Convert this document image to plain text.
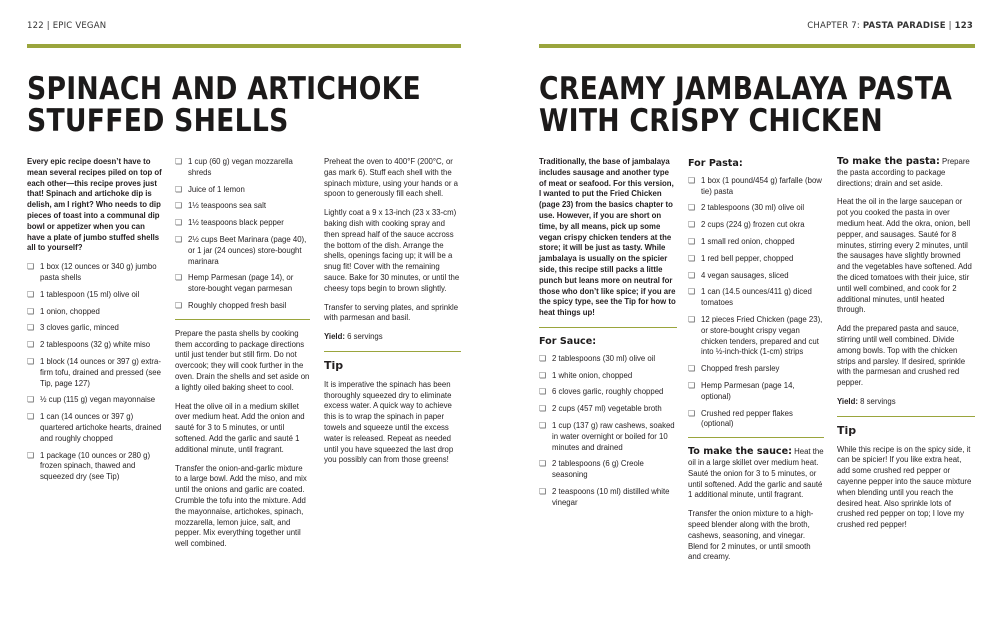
122 | EPIC VEGAN	CHAPTER 7: PASTA PARADISE | 123
SPINACH AND ARTICHOKE
STUFFED SHELLS
CREAMY JAMBALAYA PASTA
WITH CRISPY CHICKEN

Every epic recipe doesn’t have to mean several recipes piled on top of each other—this recipe proves just that! Spinach and artichoke dip is delish, am I right? Who needs to dip pieces of toast into a communal dip bowl or appetizer when you can have a plate of jumbo stuffed shells all to yourself?

❏ 1 box (12 ounces or 340 g) jumbo pasta shells
❏ 1 tablespoon (15 ml) olive oil
❏ 1 onion, chopped
❏ 3 cloves garlic, minced
❏ 2 tablespoons (32 g) white miso
❏ 1 block (14 ounces or 397 g) extra-firm tofu, drained and pressed (see Tip, page 127)
❏ ½ cup (115 g) vegan mayonnaise
❏ 1 can (14 ounces or 397 g) quartered artichoke hearts, drained and roughly chopped
❏ 1 package (10 ounces or 280 g) frozen spinach, thawed and squeezed dry (see Tip)
❏ 1 cup (60 g) vegan mozzarella shreds
❏ Juice of 1 lemon
❏ 1½ teaspoons sea salt
❏ 1½ teaspoons black pepper
❏ 2½ cups Beet Marinara (page 40), or 1 jar (24 ounces) store-bought marinara
❏ Hemp Parmesan (page 14), or store-bought vegan parmesan
❏ Roughly chopped fresh basil

Prepare the pasta shells by cooking them according to package directions until just tender but still firm. Do not overcook; they will cook further in the oven. Drain the shells and set aside on a lightly oiled baking sheet to cool.

Heat the olive oil in a medium skillet over medium heat. Add the onion and sauté for 3 to 5 minutes, or until softened. Add the garlic and sauté 1 additional minute, until fragrant.

Transfer the onion-and-garlic mixture to a large bowl. Add the miso, and mix until the onions and garlic are coated. Crumble the tofu into the mixture. Add the mayonnaise, artichokes, spinach, mozzarella, lemon juice, salt, and pepper. Mix everything together until well combined.

Preheat the oven to 400°F (200°C, or gas mark 6). Stuff each shell with the spinach mixture, using your hands or a spoon to generously fill each shell.

Lightly coat a 9 x 13-inch (23 x 33-cm) baking dish with cooking spray and then spread half of the sauce accross the bottom of the dish. Arrange the shells, openings facing up; it will be a snug fit! Cover with the remaining sauce. Bake for 30 minutes, or until the cheesy tops begin to brown slightly.

Transfer to serving plates, and sprinkle with parmesan and basil.

Yield: 6 servings

Tip

It is imperative the spinach has been thoroughly squeezed dry to eliminate excess water. A quick way to achieve this is to wrap the spinach in paper towels and squeeze until the excess water is released. Repeat as needed until you have squeezed the last drop you possibly can from those greens!

Traditionally, the base of jambalaya includes sausage and another type of meat or seafood. For this version, I wanted to put the Fried Chicken (page 23) from the basics chapter to use. However, if you are short on time, by all means, pick up some vegan crispy chicken tenders at the store; it will be just as tasty. While jambalaya is usually on the spicier side, this recipe still packs a little punch but leans more on neutral for those who don’t like spice; if you are the spicy type, see the Tip for how to heat things up!

For Sauce:
❏ 2 tablespoons (30 ml) olive oil
❏ 1 white onion, chopped
❏ 6 cloves garlic, roughly chopped
❏ 2 cups (457 ml) vegetable broth
❏ 1 cup (137 g) raw cashews, soaked in water overnight or boiled for 10 minutes and drained
❏ 2 tablespoons (6 g) Creole seasoning
❏ 2 teaspoons (10 ml) distilled white vinegar
For Pasta:
❏ 1 box (1 pound/454 g) farfalle (bow tie) pasta
❏ 2 tablespoons (30 ml) olive oil
❏ 2 cups (224 g) frozen cut okra
❏ 1 small red onion, chopped
❏ 1 red bell pepper, chopped
❏ 4 vegan sausages, sliced
❏ 1 can (14.5 ounces/411 g) diced tomatoes
❏ 12 pieces Fried Chicken (page 23), or store-bought crispy vegan chicken tenders, prepared and cut into ½-inch-thick (1-cm) strips
❏ Chopped fresh parsley
❏ Hemp Parmesan (page 14, optional)
❏ Crushed red pepper flakes (optional)

To make the sauce: Heat the oil in a large skillet over medium heat. Sauté the onion for 3 to 5 minutes, or until softened. Add the garlic and sauté 1 additional minute, until fragrant.

Transfer the onion mixture to a high-speed blender along with the broth, cashews, seasoning, and vinegar. Blend for 2 minutes, or until smooth and creamy.

To make the pasta: Prepare the pasta according to package directions; drain and set aside.

Heat the oil in the large saucepan or pot you cooked the pasta in over medium heat. Add the okra, onion, bell pepper, and sausages. Sauté for 8 minutes, stirring every 2 minutes, until the sausages have slightly browned and the vegetables have softened. Add the diced tomatoes with their juice, stir until well combined, and cook for 2 additional minutes, until heated through.

Add the prepared pasta and sauce, stirring until well combined. Divide among bowls. Top with the chicken strips and parsley. If desired, sprinkle with the parmesan and crushed red pepper.

Yield: 8 servings

Tip

While this recipe is on the spicy side, it can be spicier! If you like extra heat, add some crushed red pepper or cayenne pepper into the sauce mixture when blending until you reach the desired heat. Also sprinkle lots of crushed red pepper on top; I love my crushed red pepper!
